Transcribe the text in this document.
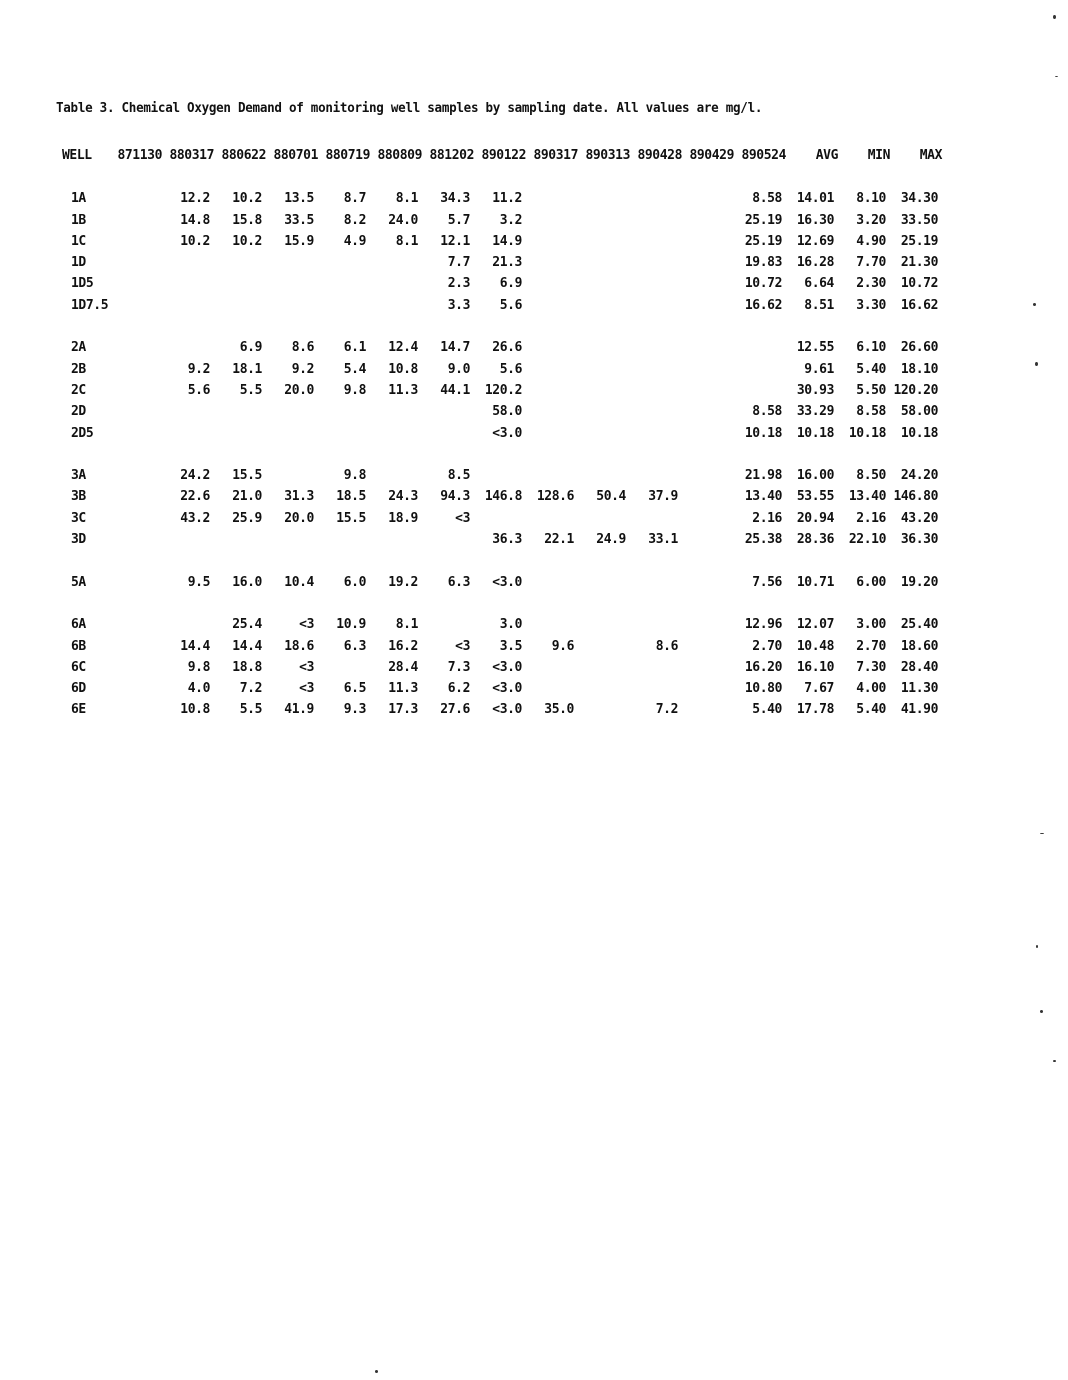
Table 3. Chemical Oxygen Demand of monitoring well samples by sampling date. All values are mg/l.
WELL	871130	880317	880622	880701	880719	880809	881202	890122	890317	890313	890428	890429	890524	AVG	MIN	MAX

1A		12.2	10.2	13.5	8.7	8.1	34.3	11.2					8.58	14.01	8.10	34.30
1B		14.8	15.8	33.5	8.2	24.0	5.7	3.2					25.19	16.30	3.20	33.50
1C		10.2	10.2	15.9	4.9	8.1	12.1	14.9					25.19	12.69	4.90	25.19
1D							7.7	21.3					19.83	16.28	7.70	21.30
1D5							2.3	6.9					10.72	6.64	2.30	10.72
1D7.5							3.3	5.6					16.62	8.51	3.30	16.62

2A			6.9	8.6	6.1	12.4	14.7	26.6						12.55	6.10	26.60
2B		9.2	18.1	9.2	5.4	10.8	9.0	5.6						9.61	5.40	18.10
2C		5.6	5.5	20.0	9.8	11.3	44.1	120.2						30.93	5.50	120.20
2D								58.0					8.58	33.29	8.58	58.00
2D5								<3.0					10.18	10.18	10.18	10.18

3A		24.2	15.5		9.8		8.5						21.98	16.00	8.50	24.20
3B		22.6	21.0	31.3	18.5	24.3	94.3	146.8	128.6	50.4	37.9		13.40	53.55	13.40	146.80
3C		43.2	25.9	20.0	15.5	18.9	<3						2.16	20.94	2.16	43.20
3D								36.3	22.1	24.9	33.1		25.38	28.36	22.10	36.30

5A		9.5	16.0	10.4	6.0	19.2	6.3	<3.0					7.56	10.71	6.00	19.20

6A			25.4	<3	10.9	8.1		3.0					12.96	12.07	3.00	25.40
6B		14.4	14.4	18.6	6.3	16.2	<3	3.5	9.6		8.6		2.70	10.48	2.70	18.60
6C		9.8	18.8	<3		28.4	7.3	<3.0					16.20	16.10	7.30	28.40
6D		4.0	7.2	<3	6.5	11.3	6.2	<3.0					10.80	7.67	4.00	11.30
6E		10.8	5.5	41.9	9.3	17.3	27.6	<3.0	35.0		7.2		5.40	17.78	5.40	41.90
